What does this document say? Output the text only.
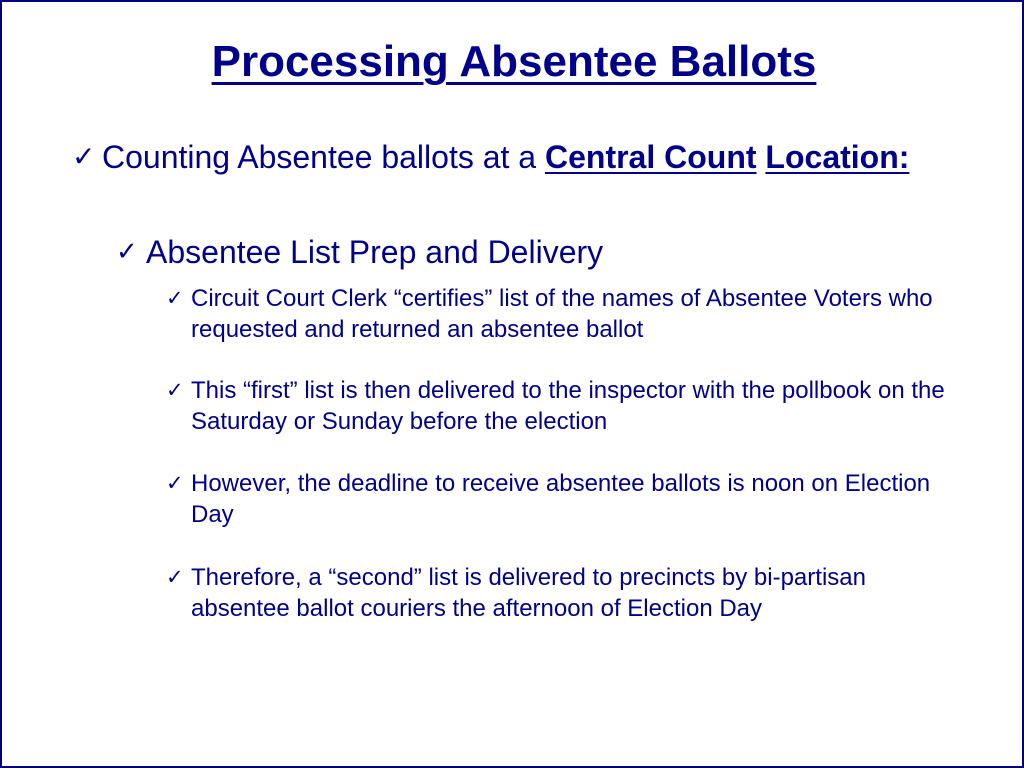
Processing Absentee Ballots
✓ Counting Absentee ballots at a Central Count Location:
✓ Absentee List Prep and Delivery
✓ Circuit Court Clerk “certifies” list of the names of Absentee Voters who requested and returned an absentee ballot
✓ This “first” list is then delivered to the inspector with the pollbook on the Saturday or Sunday before the election
✓ However, the deadline to receive absentee ballots is noon on Election Day
✓ Therefore, a “second” list is delivered to precincts by bi-partisan absentee ballot couriers the afternoon of Election Day
